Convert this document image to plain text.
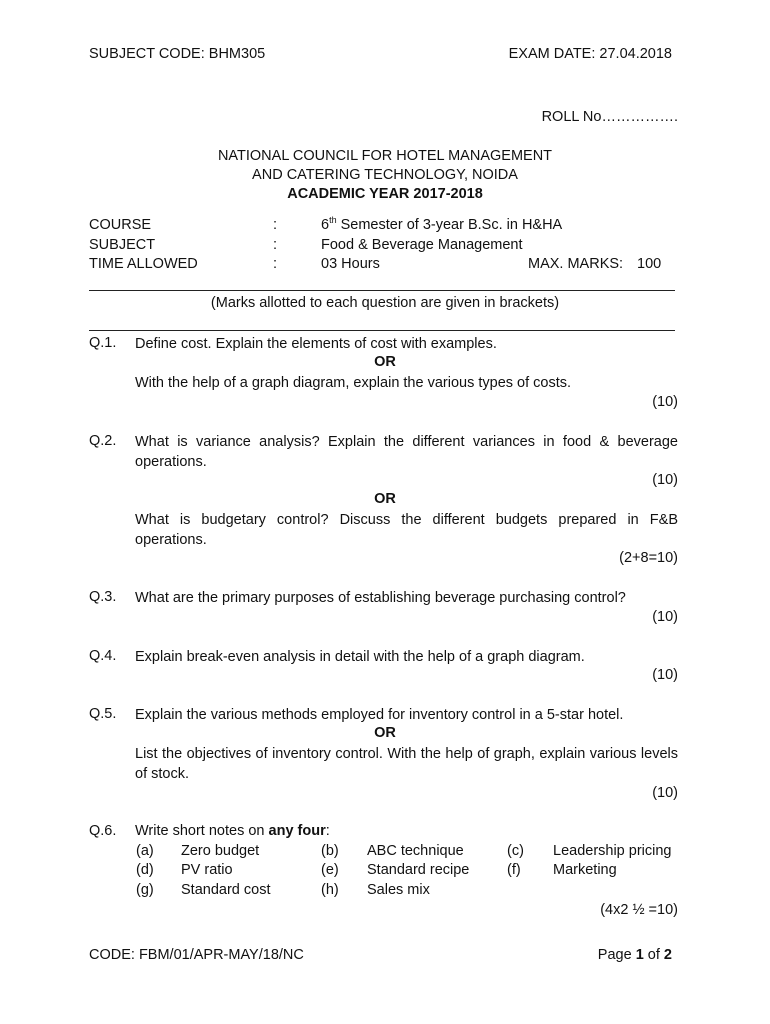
SUBJECT CODE: BHM305	EXAM DATE: 27.04.2018
ROLL No…………….
NATIONAL COUNCIL FOR HOTEL MANAGEMENT
AND CATERING TECHNOLOGY, NOIDA
ACADEMIC YEAR 2017-2018
COURSE	:	6th Semester of 3-year B.Sc. in H&HA
SUBJECT	:	Food & Beverage Management
TIME ALLOWED	:	03 Hours	MAX. MARKS: 100
(Marks allotted to each question are given in brackets)
Q.1. Define cost. Explain the elements of cost with examples.
OR
With the help of a graph diagram, explain the various types of costs.
(10)
Q.2. What is variance analysis? Explain the different variances in food & beverage operations.
(10)
OR
What is budgetary control? Discuss the different budgets prepared in F&B operations.
(2+8=10)
Q.3. What are the primary purposes of establishing beverage purchasing control?
(10)
Q.4. Explain break-even analysis in detail with the help of a graph diagram.
(10)
Q.5. Explain the various methods employed for inventory control in a 5-star hotel.
OR
List the objectives of inventory control. With the help of graph, explain various levels of stock.
(10)
Q.6. Write short notes on any four:
(a) Zero budget	(b) ABC technique	(c) Leadership pricing
(d) PV ratio	(e) Standard recipe	(f) Marketing
(g) Standard cost	(h) Sales mix
(4x2 ½ =10)
CODE: FBM/01/APR-MAY/18/NC	Page 1 of 2
